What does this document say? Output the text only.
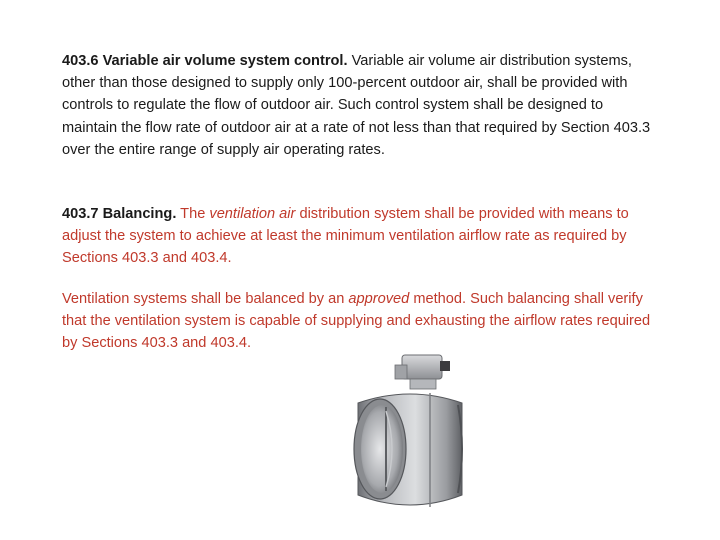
403.6 Variable air volume system control. Variable air volume air distribution systems, other than those designed to supply only 100-percent outdoor air, shall be provided with controls to regulate the flow of outdoor air. Such control system shall be designed to maintain the flow rate of outdoor air at a rate of not less than that required by Section 403.3 over the entire range of supply air operating rates.

403.7 Balancing. The ventilation air distribution system shall be provided with means to adjust the system to achieve at least the minimum ventilation airflow rate as required by Sections 403.3 and 403.4.

Ventilation systems shall be balanced by an approved method. Such balancing shall verify that the ventilation system is capable of supplying and exhausting the airflow rates required by Sections 403.3 and 403.4.
